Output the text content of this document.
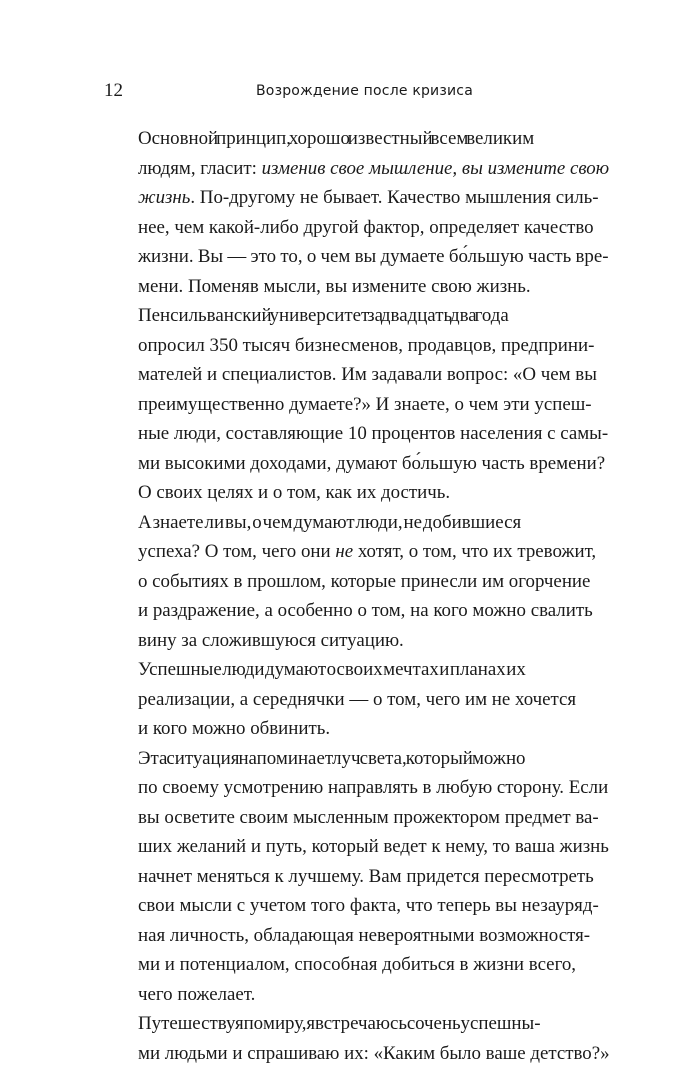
12	Возрождение после кризиса

Основной принцип, хорошо известный всем великим
людям, гласит: изменив свое мышление, вы измените свою
жизнь. По-другому не бывает. Качество мышления силь-
нее, чем какой-либо другой фактор, определяет качество
жизни. Вы — это то, о чем вы думаете бо́льшую часть вре-
мени. Поменяв мысли, вы измените свою жизнь.

Пенсильванский университет за двадцать два года
опросил 350 тысяч бизнесменов, продавцов, предприни-
мателей и специалистов. Им задавали вопрос: «О чем вы
преимущественно думаете?» И знаете, о чем эти успеш-
ные люди, составляющие 10 процентов населения с самы-
ми высокими доходами, думают бо́льшую часть времени?
О своих целях и о том, как их достичь.

А знаете ли вы, о чем думают люди, не добившиеся
успеха? О том, чего они не хотят, о том, что их тревожит,
о событиях в прошлом, которые принесли им огорчение
и раздражение, а особенно о том, на кого можно свалить
вину за сложившуюся ситуацию.

Успешные люди думают о своих мечтах и планах их
реализации, а середнячки — о том, чего им не хочется
и кого можно обвинить.

Эта ситуация напоминает луч света, который можно
по своему усмотрению направлять в любую сторону. Если
вы осветите своим мысленным прожектором предмет ва-
ших желаний и путь, который ведет к нему, то ваша жизнь
начнет меняться к лучшему. Вам придется пересмотреть
свои мысли с учетом того факта, что теперь вы незауряд-
ная личность, обладающая невероятными возможностя-
ми и потенциалом, способная добиться в жизни всего,
чего пожелает.

Путешествуя по миру, я встречаюсь с очень успешны-
ми людьми и спрашиваю их: «Каким было ваше детство?»
